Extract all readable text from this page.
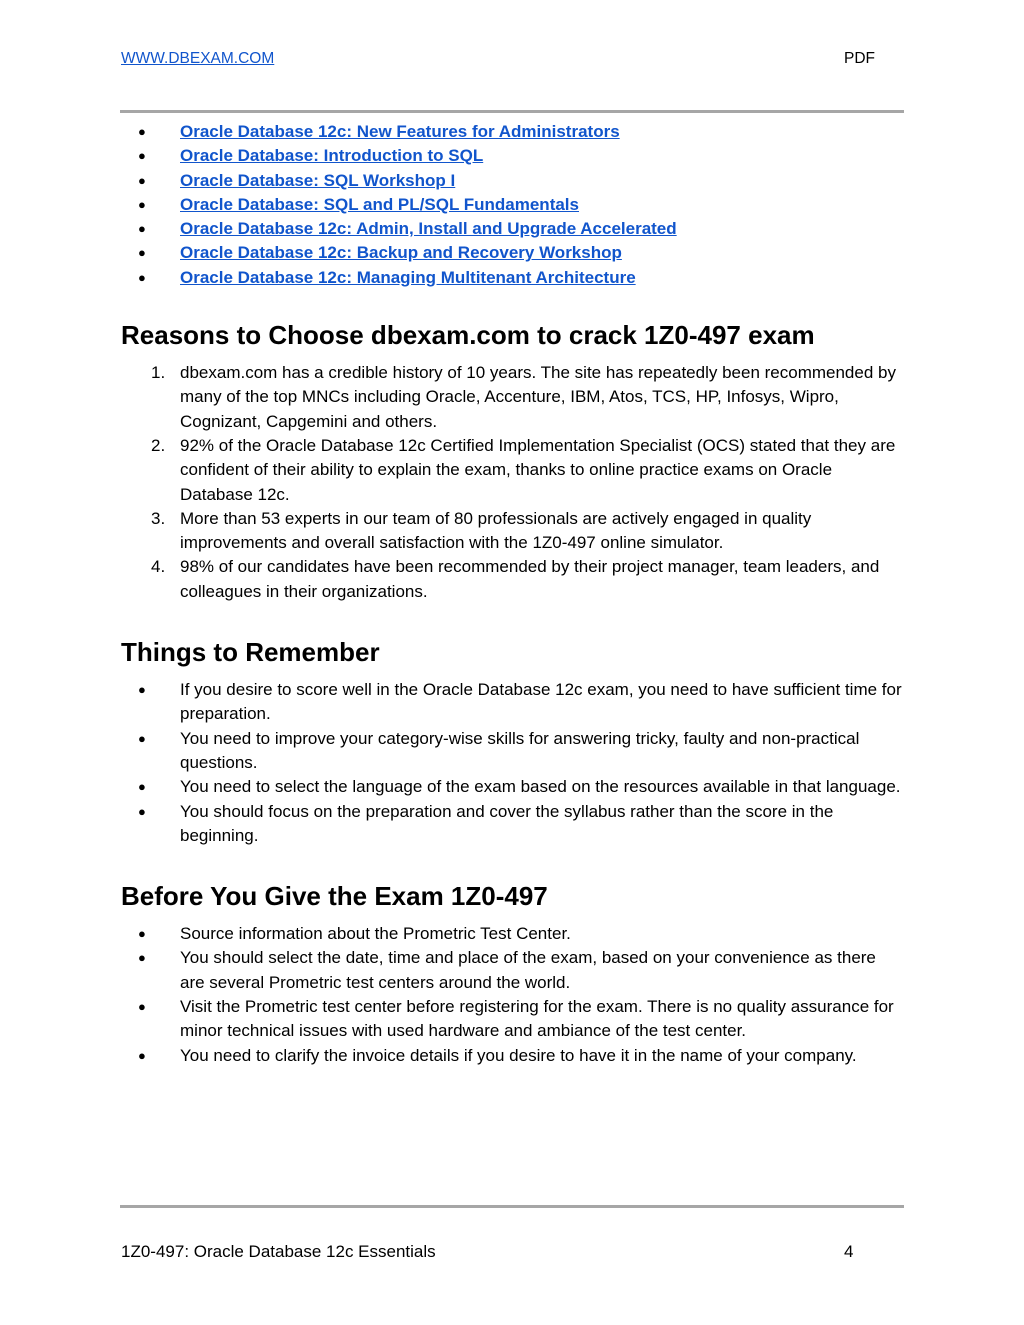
WWW.DBEXAM.COM	PDF
● Oracle Database 12c: New Features for Administrators
● Oracle Database: Introduction to SQL
● Oracle Database: SQL Workshop I
● Oracle Database: SQL and PL/SQL Fundamentals
● Oracle Database 12c: Admin, Install and Upgrade Accelerated
● Oracle Database 12c: Backup and Recovery Workshop
● Oracle Database 12c: Managing Multitenant Architecture
Reasons to Choose dbexam.com to crack 1Z0-497 exam
1. dbexam.com has a credible history of 10 years. The site has repeatedly been recommended by many of the top MNCs including Oracle, Accenture, IBM, Atos, TCS, HP, Infosys, Wipro, Cognizant, Capgemini and others.
2. 92% of the Oracle Database 12c Certified Implementation Specialist (OCS) stated that they are confident of their ability to explain the exam, thanks to online practice exams on Oracle Database 12c.
3. More than 53 experts in our team of 80 professionals are actively engaged in quality improvements and overall satisfaction with the 1Z0-497 online simulator.
4. 98% of our candidates have been recommended by their project manager, team leaders, and colleagues in their organizations.
Things to Remember
● If you desire to score well in the Oracle Database 12c exam, you need to have sufficient time for preparation.
● You need to improve your category-wise skills for answering tricky, faulty and non-practical questions.
● You need to select the language of the exam based on the resources available in that language.
● You should focus on the preparation and cover the syllabus rather than the score in the beginning.
Before You Give the Exam 1Z0-497
● Source information about the Prometric Test Center.
● You should select the date, time and place of the exam, based on your convenience as there are several Prometric test centers around the world.
● Visit the Prometric test center before registering for the exam. There is no quality assurance for minor technical issues with used hardware and ambiance of the test center.
● You need to clarify the invoice details if you desire to have it in the name of your company.
1Z0-497: Oracle Database 12c Essentials	4
